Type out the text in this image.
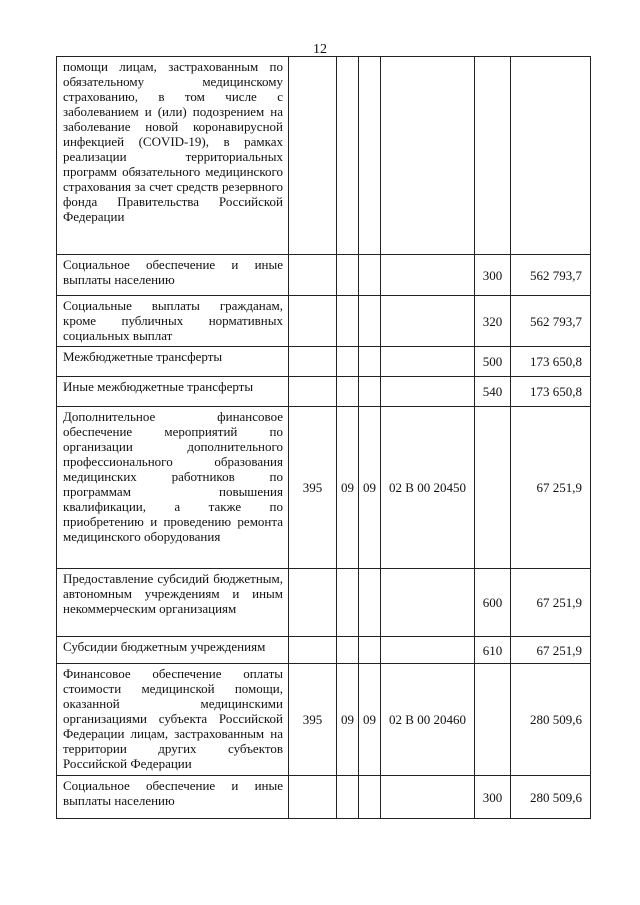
12
помощи лицам, застрахованным по обязательному медицинскому страхованию, в том числе с заболеванием и (или) подозрением на заболевание новой коронавирусной инфекцией (COVID-19), в рамках реализации территориальных программ обязательного медицинского страхования за счет средств резервного фонда Правительства Российской Федерации						

Социальное обеспечение и иные выплаты населению					300	562 793,7

Социальные выплаты гражданам, кроме публичных нормативных социальных выплат					320	562 793,7

Межбюджетные трансферты					500	173 650,8

Иные межбюджетные трансферты					540	173 650,8

Дополнительное финансовое обеспечение мероприятий по организации дополнительного профессионального образования медицинских работников по программам повышения квалификации, а также по приобретению и проведению ремонта медицинского оборудования	395	09	09	02 В 00 20450		67 251,9

Предоставление субсидий бюджетным, автономным учреждениям и иным некоммерческим организациям					600	67 251,9

Субсидии бюджетным учреждениям					610	67 251,9

Финансовое обеспечение оплаты стоимости медицинской помощи, оказанной медицинскими организациями субъекта Российской Федерации лицам, застрахованным на территории других субъектов Российской Федерации	395	09	09	02 В 00 20460		280 509,6

Социальное обеспечение и иные выплаты населению					300	280 509,6
